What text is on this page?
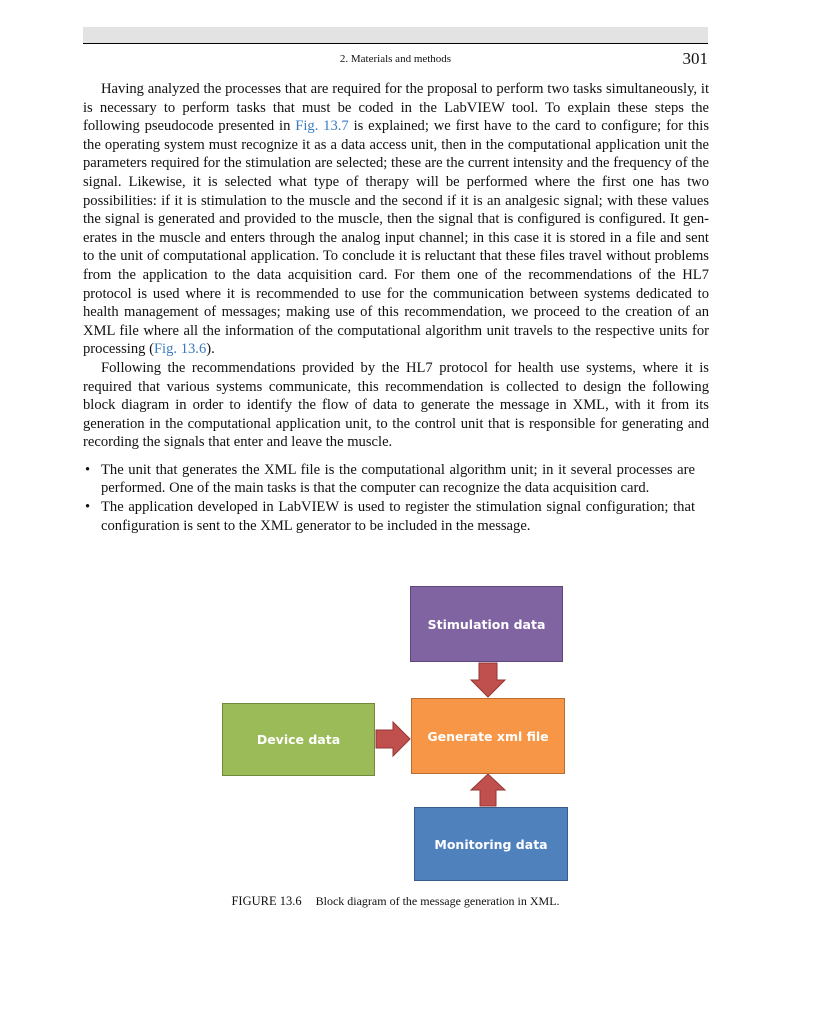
2. Materials and methods	301

Having analyzed the processes that are required for the proposal to perform two tasks simultaneously, it is necessary to perform tasks that must be coded in the LabVIEW tool. To explain these steps the following pseudocode presented in Fig. 13.7 is explained; we first have to the card to configure; for this the operating system must recognize it as a data access unit, then in the computational application unit the parameters required for the stimulation are selected; these are the current intensity and the frequency of the signal. Likewise, it is selected what type of therapy will be performed where the first one has two possibilities: if it is stimulation to the muscle and the second if it is an analgesic signal; with these values the signal is generated and provided to the muscle, then the signal that is configured is configured. It generates in the muscle and enters through the analog input channel; in this case it is stored in a file and sent to the unit of computational application. To conclude it is reluctant that these files travel without problems from the application to the data acquisition card. For them one of the recommendations of the HL7 protocol is used where it is recommended to use for the communication between systems dedicated to health management of messages; making use of this recommendation, we proceed to the creation of an XML file where all the information of the computational algorithm unit travels to the respective units for processing (Fig. 13.6).

Following the recommendations provided by the HL7 protocol for health use systems, where it is required that various systems communicate, this recommendation is collected to design the following block diagram in order to identify the flow of data to generate the message in XML, with it from its generation in the computational application unit, to the control unit that is responsible for generating and recording the signals that enter and leave the muscle.

• The unit that generates the XML file is the computational algorithm unit; in it several processes are performed. One of the main tasks is that the computer can recognize the data acquisition card.
• The application developed in LabVIEW is used to register the stimulation signal configuration; that configuration is sent to the XML generator to be included in the message.
Stimulation data
Generate xml file
Device data
Monitoring data
FIGURE 13.6 Block diagram of the message generation in XML.
